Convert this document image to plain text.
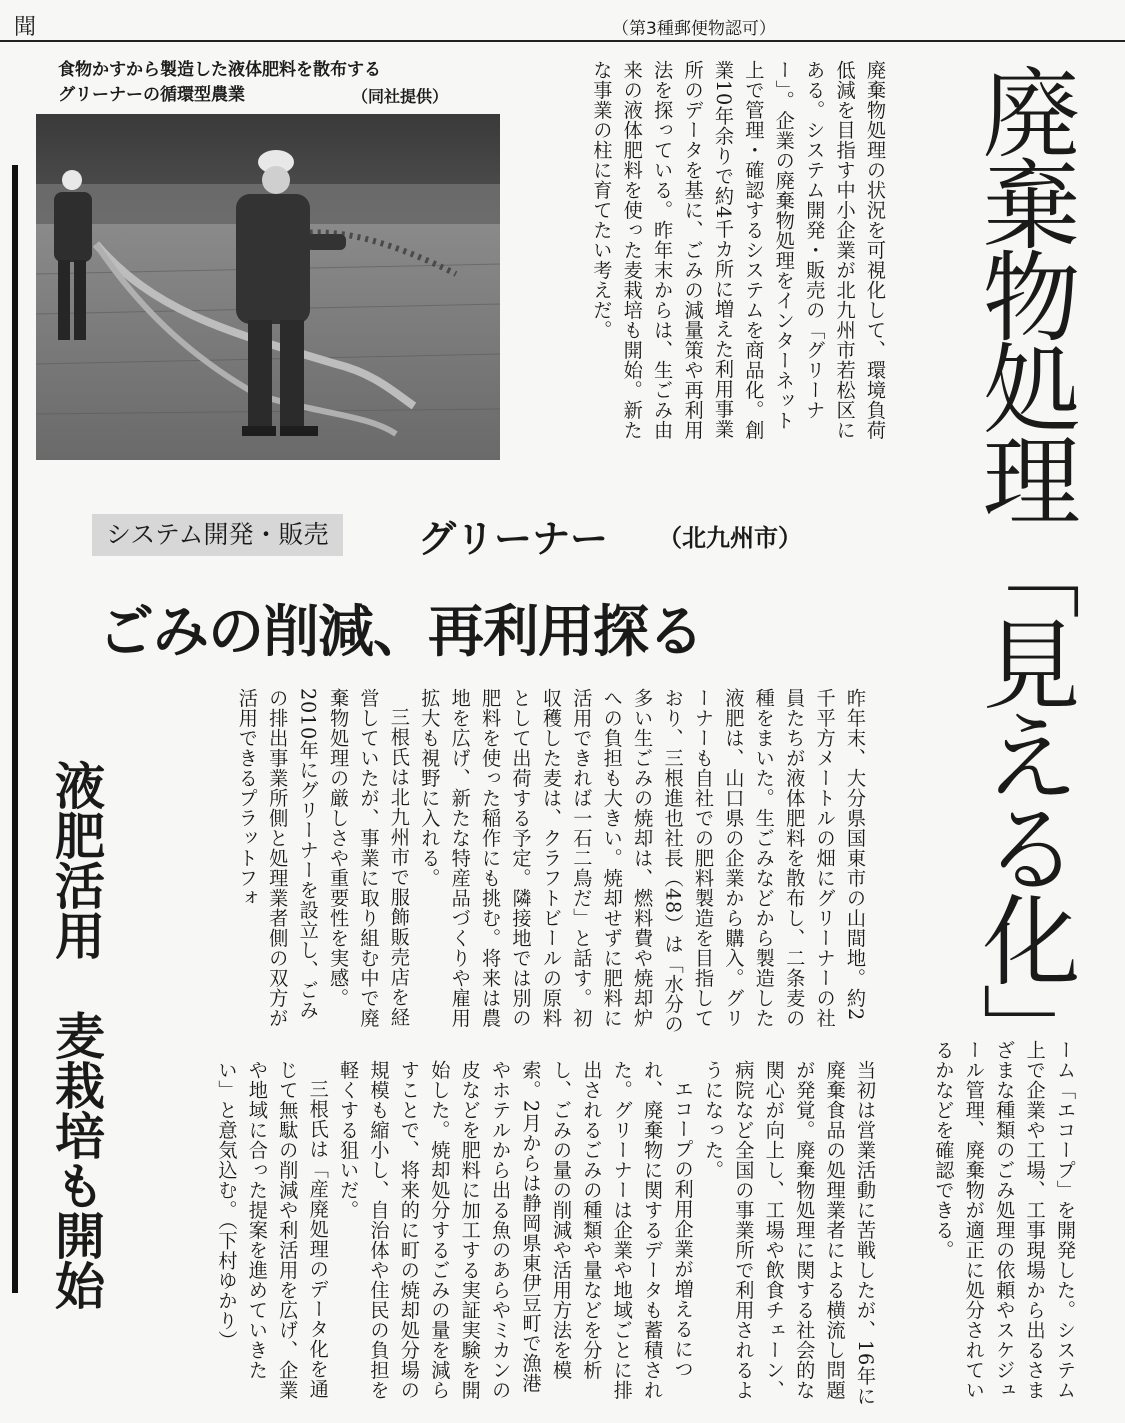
聞	（第3種郵便物認可）
食物かすから製造した液体肥料を散布する
グリーナーの循環型農業	（同社提供）	廃棄物処理「見える化」

廃棄物処理の状況を可視化して、環境負荷低減を目指す中小企業が北九州市若松区にある。システム開発・販売の「グリーナー」。企業の廃棄物処理をインターネット上で管理・確認するシステムを商品化。創業10年余りで約4千カ所に増えた利用事業所のデータを基に、ごみの減量策や再利用法を探っている。昨年末からは、生ごみ由来の液体肥料を使った麦栽培も開始。新たな事業の柱に育てたい考えだ。

システム開発・販売	グリーナー （北九州市）
ごみの削減、再利用探る

ーム「エコープ」を開発した。システム上で企業や工場、工事現場から出るさまざまな種類のごみ処理の依頼やスケジュール管理、廃棄物が適正に処分されているかなどを確認できる。

昨年末、大分県国東市の山間地。約2千平方メートルの畑にグリーナーの社員たちが液体肥料を散布し、二条麦の種をまいた。生ごみなどから製造した液肥は、山口県の企業から購入。グリーナーも自社での肥料製造を目指しており、三根進也社長（48）は「水分の多い生ごみの焼却は、燃料費や焼却炉への負担も大きい。焼却せずに肥料に活用できれば一石二鳥だ」と話す。初収穫した麦は、クラフトビールの原料として出荷する予定。隣接地では別の肥料を使った稲作にも挑む。将来は農地を広げ、新たな特産品づくりや雇用拡大も視野に入れる。

三根氏は北九州市で服飾販売店を経営していたが、事業に取り組む中で廃棄物処理の厳しさや重要性を実感。2010年にグリーナーを設立し、ごみの排出事業所側と処理業者側の双方が活用できるプラットフォ

当初は営業活動に苦戦したが、16年に廃棄食品の処理業者による横流し問題が発覚。廃棄物処理に関する社会的な関心が向上し、工場や飲食チェーン、病院など全国の事業所で利用されるようになった。

エコープの利用企業が増えるにつれ、廃棄物に関するデータも蓄積された。グリーナーは企業や地域ごとに排出されるごみの種類や量などを分析し、ごみの量の削減や活用方法を模索。2月からは静岡県東伊豆町で漁港やホテルから出る魚のあらやミカンの皮などを肥料に加工する実証実験を開始した。焼却処分するごみの量を減らすことで、将来的に町の焼却処分場の規模も縮小し、自治体や住民の負担を軽くする狙いだ。

三根氏は「産廃処理のデータ化を通じて無駄の削減や利活用を広げ、企業や地域に合った提案を進めていきたい」と意気込む。（下村ゆかり）

液肥活用　麦栽培も開始
